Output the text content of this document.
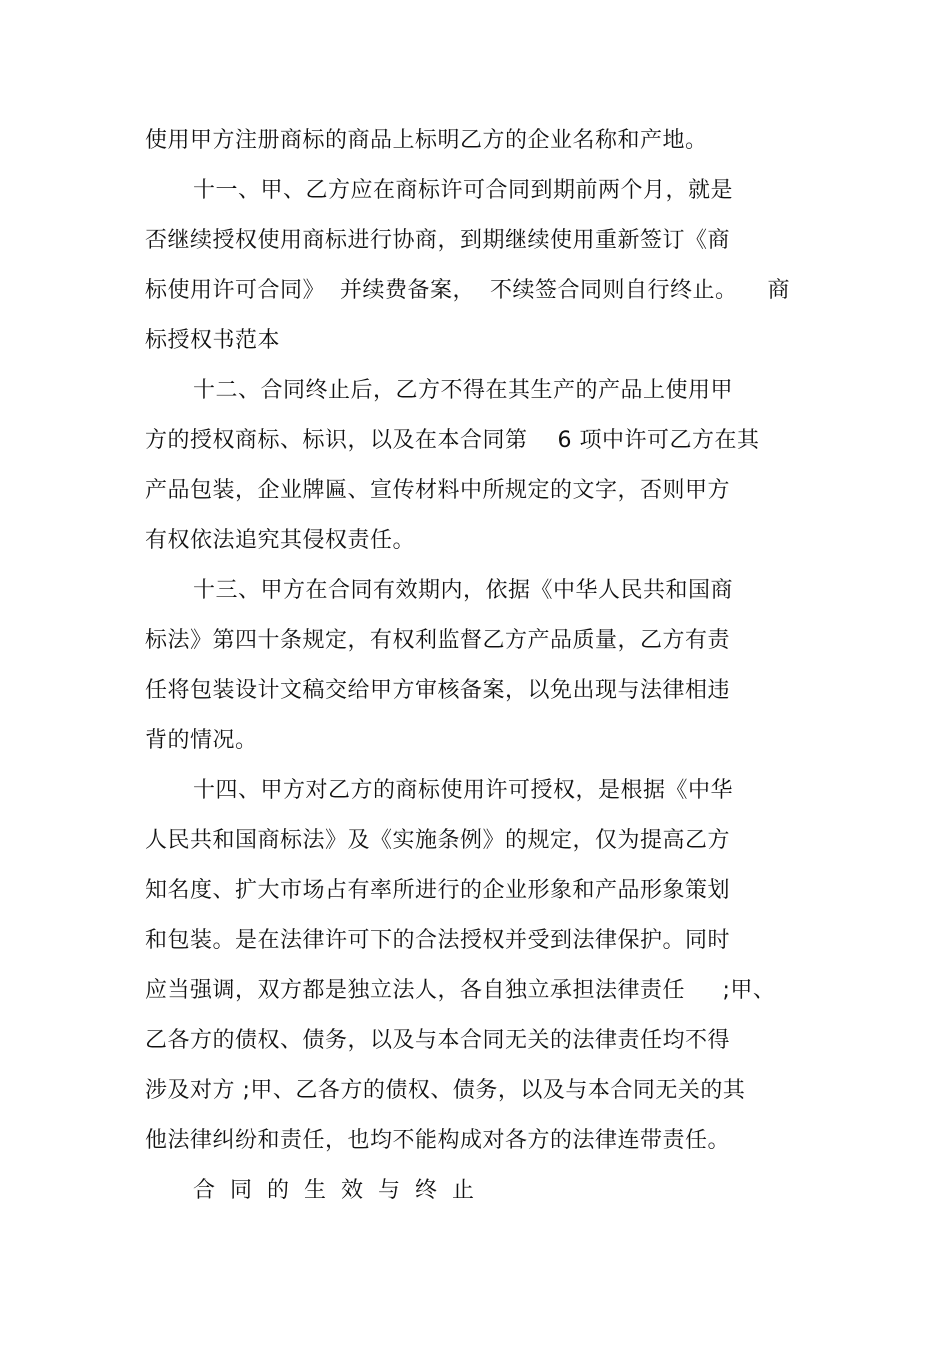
使用甲方注册商标的商品上标明乙方的企业名称和产地。
十一、甲、乙方应在商标许可合同到期前两个月，就是
否继续授权使用商标进行协商，到期继续使用重新签订《商
标使用许可合同》  并续费备案，  不续签合同则自行终止。    商
标授权书范本
十二、合同终止后，乙方不得在其生产的产品上使用甲
方的授权商标、标识，以及在本合同第    6 项中许可乙方在其
产品包装，企业牌匾、宣传材料中所规定的文字，否则甲方
有权依法追究其侵权责任。
十三、甲方在合同有效期内，依据《中华人民共和国商
标法》第四十条规定，有权利监督乙方产品质量，乙方有责
任将包装设计文稿交给甲方审核备案，以免出现与法律相违
背的情况。
十四、甲方对乙方的商标使用许可授权，是根据《中华
人民共和国商标法》及《实施条例》的规定，仅为提高乙方
知名度、扩大市场占有率所进行的企业形象和产品形象策划
和包装。是在法律许可下的合法授权并受到法律保护。同时
应当强调，双方都是独立法人，各自独立承担法律责任     ;甲、
乙各方的债权、债务，以及与本合同无关的法律责任均不得
涉及对方 ;甲、乙各方的债权、债务，以及与本合同无关的其
他法律纠纷和责任，也均不能构成对各方的法律连带责任。
合同的生效与终止
